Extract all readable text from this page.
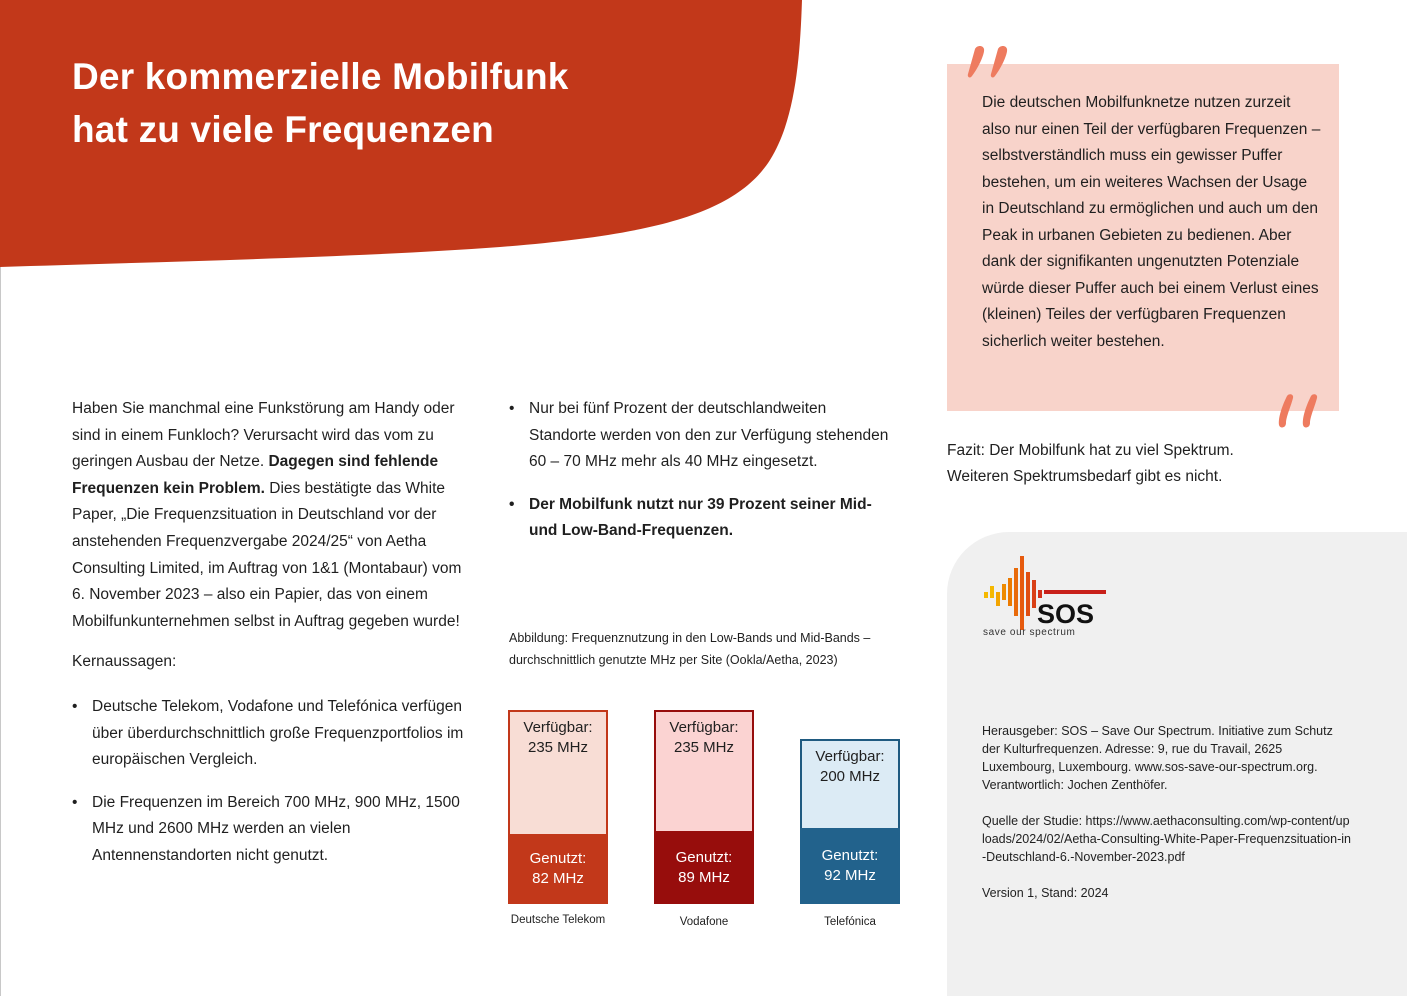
Der kommerzielle Mobilfunk
hat zu viele Frequenzen

Haben Sie manchmal eine Funkstörung am Handy oder sind in einem Funkloch? Verursacht wird das vom zu geringen Ausbau der Netze. Dagegen sind fehlende Frequenzen kein Problem. Dies bestätigte das White Paper, „Die Frequenzsituation in Deutschland vor der anstehenden Frequenzvergabe 2024/25“ von Aetha Consulting Limited, im Auftrag von 1&1 (Montabaur) vom 6. November 2023 – also ein Papier, das von einem Mobilfunkunternehmen selbst in Auftrag gegeben wurde!

Kernaussagen:

• Deutsche Telekom, Vodafone und Telefónica verfügen über überdurchschnittlich große Frequenzportfolios im europäischen Vergleich.
• Die Frequenzen im Bereich 700 MHz, 900 MHz, 1500 MHz und 2600 MHz werden an vielen Antennenstandorten nicht genutzt.
• Nur bei fünf Prozent der deutschlandweiten Standorte werden von den zur Verfügung stehenden 60 – 70 MHz mehr als 40 MHz eingesetzt.
• Der Mobilfunk nutzt nur 39 Prozent seiner Mid- und Low-Band-Frequenzen.
Abbildung: Frequenznutzung in den Low-Bands und Mid-Bands – durchschnittlich genutzte MHz per Site (Ookla/Aetha, 2023)
Verfügbar:
235 MHz
Genutzt:
82 MHz
Deutsche Telekom
Verfügbar:
235 MHz
Genutzt:
89 MHz
Vodafone
Verfügbar:
200 MHz
Genutzt:
92 MHz
Telefónica

Die deutschen Mobilfunknetze nutzen zurzeit also nur einen Teil der verfügbaren Frequenzen – selbstverständlich muss ein gewisser Puffer bestehen, um ein weiteres Wachsen der Usage in Deutschland zu ermöglichen und auch um den Peak in urbanen Gebieten zu bedienen. Aber dank der signifikanten ungenutzten Potenziale würde dieser Puffer auch bei einem Verlust eines (kleinen) Teiles der verfügbaren Frequenzen sicherlich weiter bestehen.

Fazit: Der Mobilfunk hat zu viel Spektrum.
Weiteren Spektrumsbedarf gibt es nicht.

SOS
save our spectrum

Herausgeber: SOS – Save Our Spectrum. Initiative zum Schutz der Kulturfrequenzen. Adresse: 9, rue du Travail, 2625 Luxembourg, Luxembourg. www.sos-save-our-spectrum.org. Verantwortlich: Jochen Zenthöfer.

Quelle der Studie: https://www.aethaconsulting.com/wp-content/uploads/2024/02/Aetha-Consulting-White-Paper-Frequenzsituation-in-Deutschland-6.-November-2023.pdf

Version 1, Stand: 2024
